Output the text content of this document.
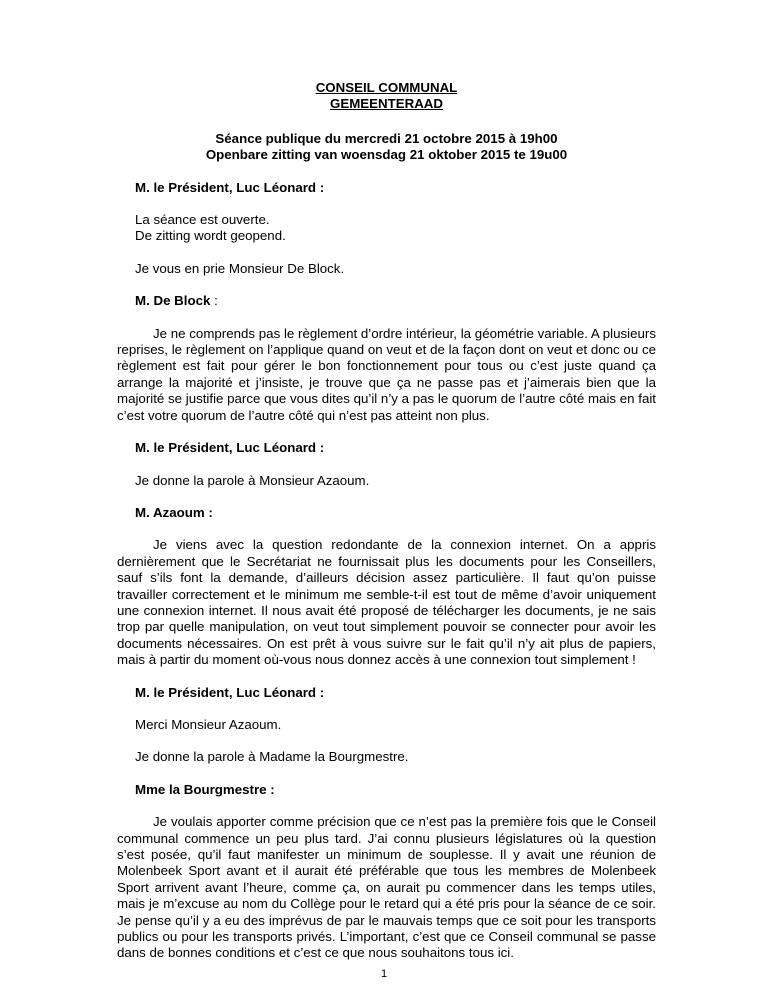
CONSEIL COMMUNAL
GEMEENTERAAD
Séance publique du mercredi 21 octobre 2015 à 19h00
Openbare zitting van woensdag 21 oktober 2015 te 19u00

M. le Président, Luc Léonard :

La séance est ouverte.

De zitting wordt geopend.

Je vous en prie Monsieur De Block.

M. De Block :

Je ne comprends pas le règlement d’ordre intérieur, la géométrie variable. A plusieurs reprises, le règlement on l’applique quand on veut et de la façon dont on veut et donc ou ce règlement est fait pour gérer le bon fonctionnement pour tous ou c’est juste quand ça arrange la majorité et j’insiste, je trouve que ça ne passe pas et j’aimerais bien que la majorité se justifie parce que vous dites qu’il n’y a pas le quorum de l’autre côté mais en fait c’est votre quorum de l’autre côté qui n’est pas atteint non plus.

M. le Président, Luc Léonard :

Je donne la parole à Monsieur Azaoum.

M. Azaoum :

Je viens avec la question redondante de la connexion internet. On a appris dernièrement que le Secrétariat ne fournissait plus les documents pour les Conseillers, sauf s’ils font la demande, d’ailleurs décision assez particulière. Il faut qu’on puisse travailler correctement et le minimum me semble-t-il est tout de même d’avoir uniquement une connexion internet. Il nous avait été proposé de télécharger les documents, je ne sais trop par quelle manipulation, on veut tout simplement pouvoir se connecter pour avoir les documents nécessaires. On est prêt à vous suivre sur le fait qu’il n’y ait plus de papiers, mais à partir du moment où-vous nous donnez accès à une connexion tout simplement !

M. le Président, Luc Léonard :

Merci Monsieur Azaoum.

Je donne la parole à Madame la Bourgmestre.

Mme la Bourgmestre :

Je voulais apporter comme précision que ce n’est pas la première fois que le Conseil communal commence un peu plus tard. J’ai connu plusieurs législatures où la question s’est posée, qu’il faut manifester un minimum de souplesse. Il y avait une réunion de Molenbeek Sport avant et il aurait été préférable que tous les membres de Molenbeek Sport arrivent avant l’heure, comme ça, on aurait pu commencer dans les temps utiles, mais je m’excuse au nom du Collège pour le retard qui a été pris pour la séance de ce soir. Je pense qu’il y a eu des imprévus de par le mauvais temps que ce soit pour les transports publics ou pour les transports privés. L’important, c’est que ce Conseil communal se passe dans de bonnes conditions et c’est ce que nous souhaitons tous ici.

1
